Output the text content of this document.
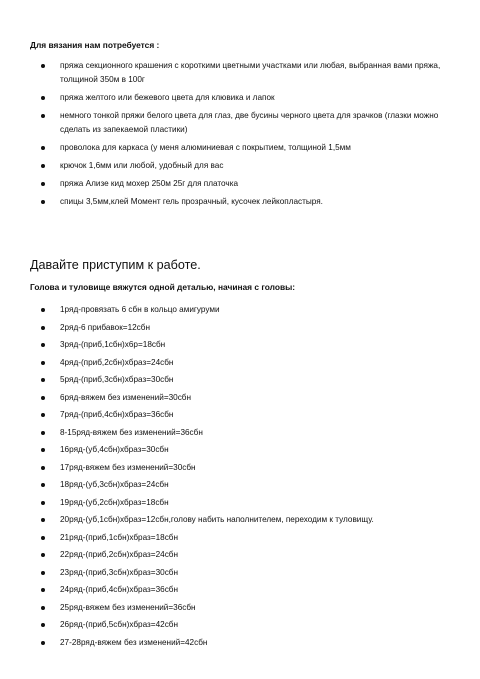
Для вязания нам потребуется :
пряжа секционного крашения с короткими цветными участками или любая, выбранная вами пряжа, толщиной 350м в 100г
пряжа желтого или бежевого цвета для клювика и лапок
немного тонкой пряжи белого цвета для глаз, две бусины черного цвета для зрачков (глазки можно сделать из запекаемой пластики)
проволока для каркаса (у меня алюминиевая с покрытием, толщиной 1,5мм
крючок 1,6мм или любой, удобный для вас
пряжа Ализе кид мохер 250м 25г для платочка
спицы 3,5мм,клей Момент гель прозрачный, кусочек лейкопластыря.
Давайте приступим к работе.
Голова и туловище вяжутся одной деталью, начиная с головы:
1ряд-провязать 6 сбн в кольцо амигуруми
2ряд-6 прибавок=12сбн
3ряд-(приб,1сбн)х6р=18сбн
4ряд-(приб,2сбн)хбраз=24сбн
5ряд-(приб,3сбн)хбраз=30сбн
6ряд-вяжем без изменений=30сбн
7ряд-(приб,4сбн)хбраз=36сбн
8-15ряд-вяжем без изменений=36сбн
16ряд-(уб,4сбн)хбраз=30сбн
17ряд-вяжем без изменений=30сбн
18ряд-(уб,3сбн)хбраз=24сбн
19ряд-(уб,2сбн)хбраз=18сбн
20ряд-(уб,1сбн)хбраз=12сбн,голову набить наполнителем, переходим к туловищу.
21ряд-(приб,1сбн)хбраз=18сбн
22ряд-(приб,2сбн)хбраз=24сбн
23ряд-(приб,3сбн)хбраз=30сбн
24ряд-(приб,4сбн)хбраз=36сбн
25ряд-вяжем без изменений=36сбн
26ряд-(приб,5сбн)хбраз=42сбн
27-28ряд-вяжем без изменений=42сбн
